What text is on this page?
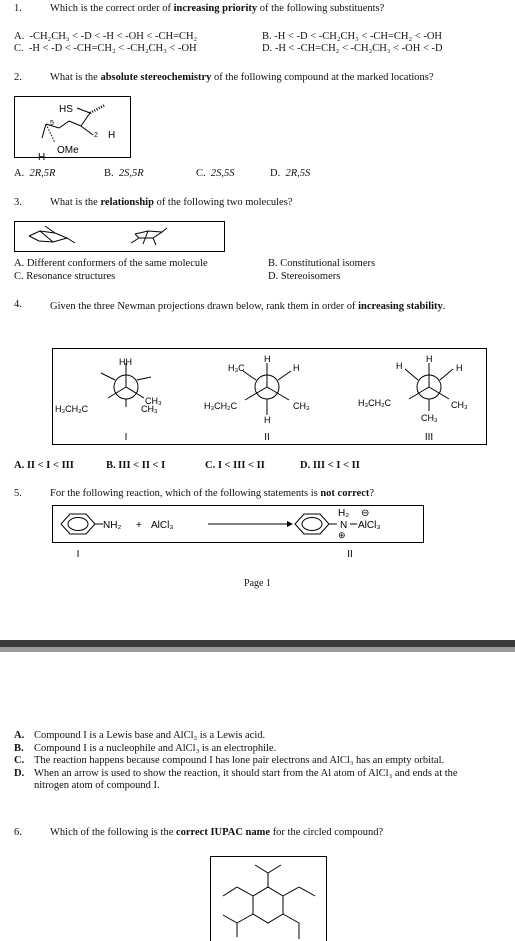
1.	Which is the correct order of increasing priority of the following substituents?
A. -CH₂CH₃ < -D < -H < -OH < -CH=CH₂	B. -H < -D < -CH₂CH₃ < -CH=CH₂ < -OH
C. -H < -D < -CH=CH₂ < -CH₂CH₃ < -OH	D. -H < -CH=CH₂ < -CH₂CH₃ < -OH < -D
2.	What is the absolute stereochemistry of the following compound at the marked locations?
HS
5
2 H
OMe
H
A. 2R,5R	B. 2S,5R	C. 2S,5S	D. 2R,5S
3.	What is the relationship of the following two molecules?
A. Different conformers of the same molecule	B. Constitutional isomers
C. Resonance structures	D. Stereoisomers
4.	Given the three Newman projections drawn below, rank them in order of increasing stability.
HH
H₃CH₂C
CH₃
CH₃
I
H
H₃C	H
H₃CH₂C	CH₃
H
II
H
H	H
H₃CH₂C	CH₃
CH₃
III
A. II < I < III	B. III < II < I	C. I < III < II	D. III < I < II
5.	For the following reaction, which of the following statements is not correct?
NH₂ + AlCl₃
H₂
N AlCl₃
⊖
⊕
I	II
Page 1
A. Compound I is a Lewis base and AlCl₃ is a Lewis acid.
B. Compound I is a nucleophile and AlCl₃ is an electrophile.
C. The reaction happens because compound I has lone pair electrons and AlCl₃ has an empty orbital.
D. When an arrow is used to show the reaction, it should start from the Al atom of AlCl₃ and ends at the nitrogen atom of compound I.
6.	Which of the following is the correct IUPAC name for the circled compound?
